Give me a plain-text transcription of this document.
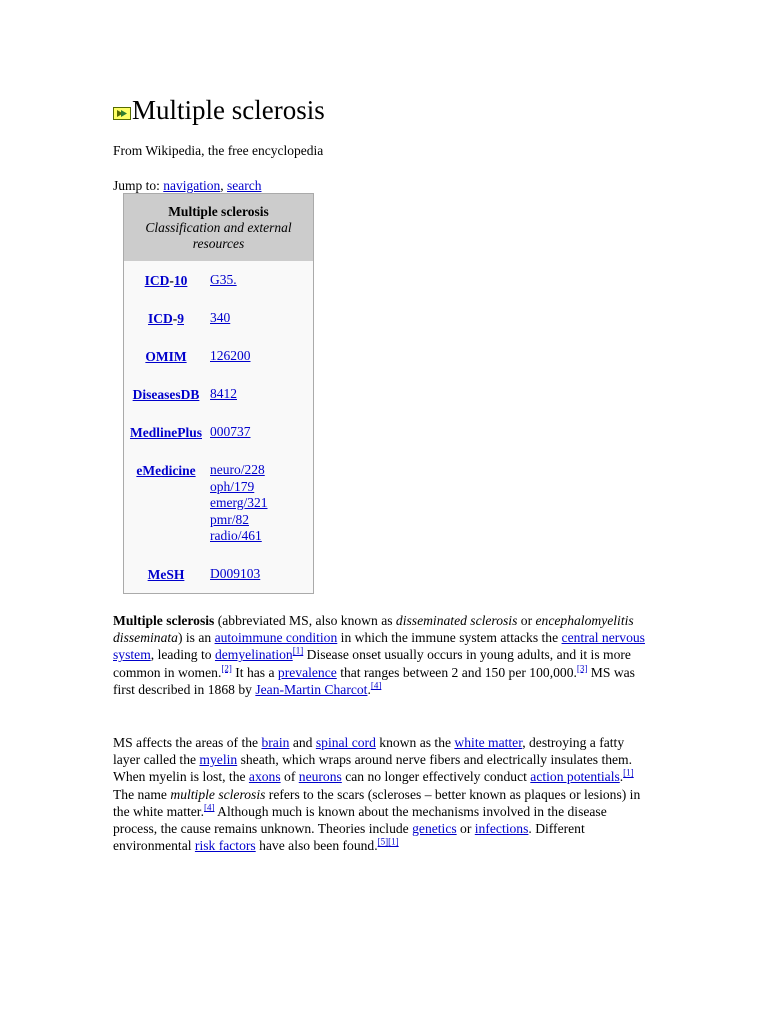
Multiple sclerosis
From Wikipedia, the free encyclopedia
Jump to: navigation, search
Multiple sclerosis
Classification and external resources
ICD-10	G35.
ICD-9	340
OMIM	126200
DiseasesDB 8412
MedlinePlus 000737
eMedicine	neuro/228
oph/179
emerg/321
pmr/82
radio/461
MeSH	D009103
Multiple sclerosis (abbreviated MS, also known as disseminated sclerosis or encephalomyelitis disseminata) is an autoimmune condition in which the immune system attacks the central nervous system, leading to demyelination[1] Disease onset usually occurs in young adults, and it is more common in women.[2] It has a prevalence that ranges between 2 and 150 per 100,000.[3] MS was first described in 1868 by Jean-Martin Charcot.[4]
MS affects the areas of the brain and spinal cord known as the white matter, destroying a fatty layer called the myelin sheath, which wraps around nerve fibers and electrically insulates them. When myelin is lost, the axons of neurons can no longer effectively conduct action potentials.[1] The name multiple sclerosis refers to the scars (scleroses – better known as plaques or lesions) in the white matter.[4] Although much is known about the mechanisms involved in the disease process, the cause remains unknown. Theories include genetics or infections. Different environmental risk factors have also been found.[5][1]
